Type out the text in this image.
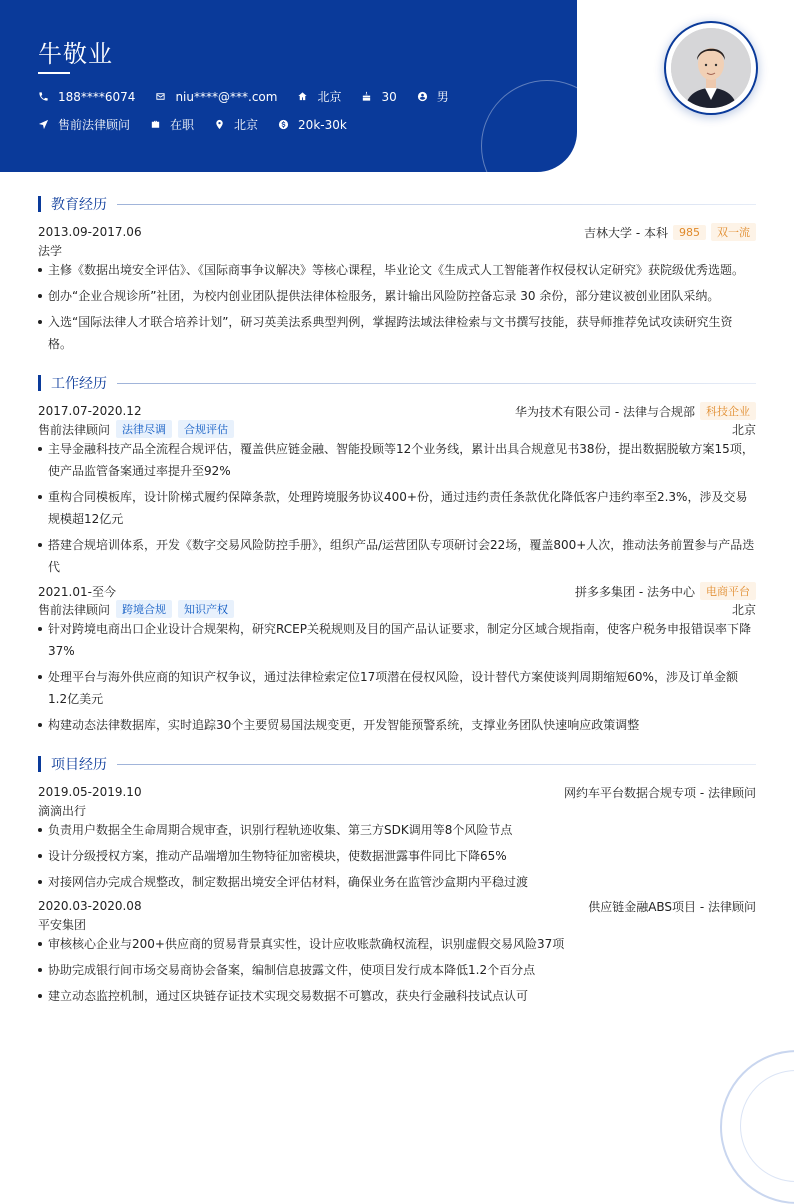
牛敬业
188****6074	niu****@***.com	北京	30	男
售前法律顾问	在职	北京	20k-30k
教育经历
2013.09-2017.06	吉林大学 - 本科	985	双一流
法学
主修《数据出境安全评估》、《国际商事争议解决》等核心课程，毕业论文《生成式人工智能著作权侵权认定研究》获院级优秀选题。
创办“企业合规诊所”社团，为校内创业团队提供法律体检服务，累计输出风险防控备忘录 30 余份，部分建议被创业团队采纳。
入选“国际法律人才联合培养计划”，研习英美法系典型判例，掌握跨法域法律检索与文书撰写技能，获导师推荐免试攻读研究生资格。
工作经历
2017.07-2020.12	华为技术有限公司 - 法律与合规部	科技企业
售前法律顾问	法律尽调	合规评估	北京
主导金融科技产品全流程合规评估，覆盖供应链金融、智能投顾等12个业务线，累计出具合规意见书38份，提出数据脱敏方案15项，使产品监管备案通过率提升至92%
重构合同模板库，设计阶梯式履约保障条款，处理跨境服务协议400+份，通过违约责任条款优化降低客户违约率至2.3%，涉及交易规模超12亿元
搭建合规培训体系，开发《数字交易风险防控手册》，组织产品/运营团队专项研讨会22场，覆盖800+人次，推动法务前置参与产品迭代
2021.01-至今	拼多多集团 - 法务中心	电商平台
售前法律顾问	跨境合规	知识产权	北京
针对跨境电商出口企业设计合规架构，研究RCEP关税规则及目的国产品认证要求，制定分区域合规指南，使客户税务申报错误率下降37%
处理平台与海外供应商的知识产权争议，通过法律检索定位17项潜在侵权风险，设计替代方案使谈判周期缩短60%，涉及订单金额1.2亿美元
构建动态法律数据库，实时追踪30个主要贸易国法规变更，开发智能预警系统，支撑业务团队快速响应政策调整
项目经历
2019.05-2019.10	网约车平台数据合规专项 - 法律顾问
滴滴出行
负责用户数据全生命周期合规审查，识别行程轨迹收集、第三方SDK调用等8个风险节点
设计分级授权方案，推动产品端增加生物特征加密模块，使数据泄露事件同比下降65%
对接网信办完成合规整改，制定数据出境安全评估材料，确保业务在监管沙盒期内平稳过渡
2020.03-2020.08	供应链金融ABS项目 - 法律顾问
平安集团
审核核心企业与200+供应商的贸易背景真实性，设计应收账款确权流程，识别虚假交易风险37项
协助完成银行间市场交易商协会备案，编制信息披露文件，使项目发行成本降低1.2个百分点
建立动态监控机制，通过区块链存证技术实现交易数据不可篡改，获央行金融科技试点认可
